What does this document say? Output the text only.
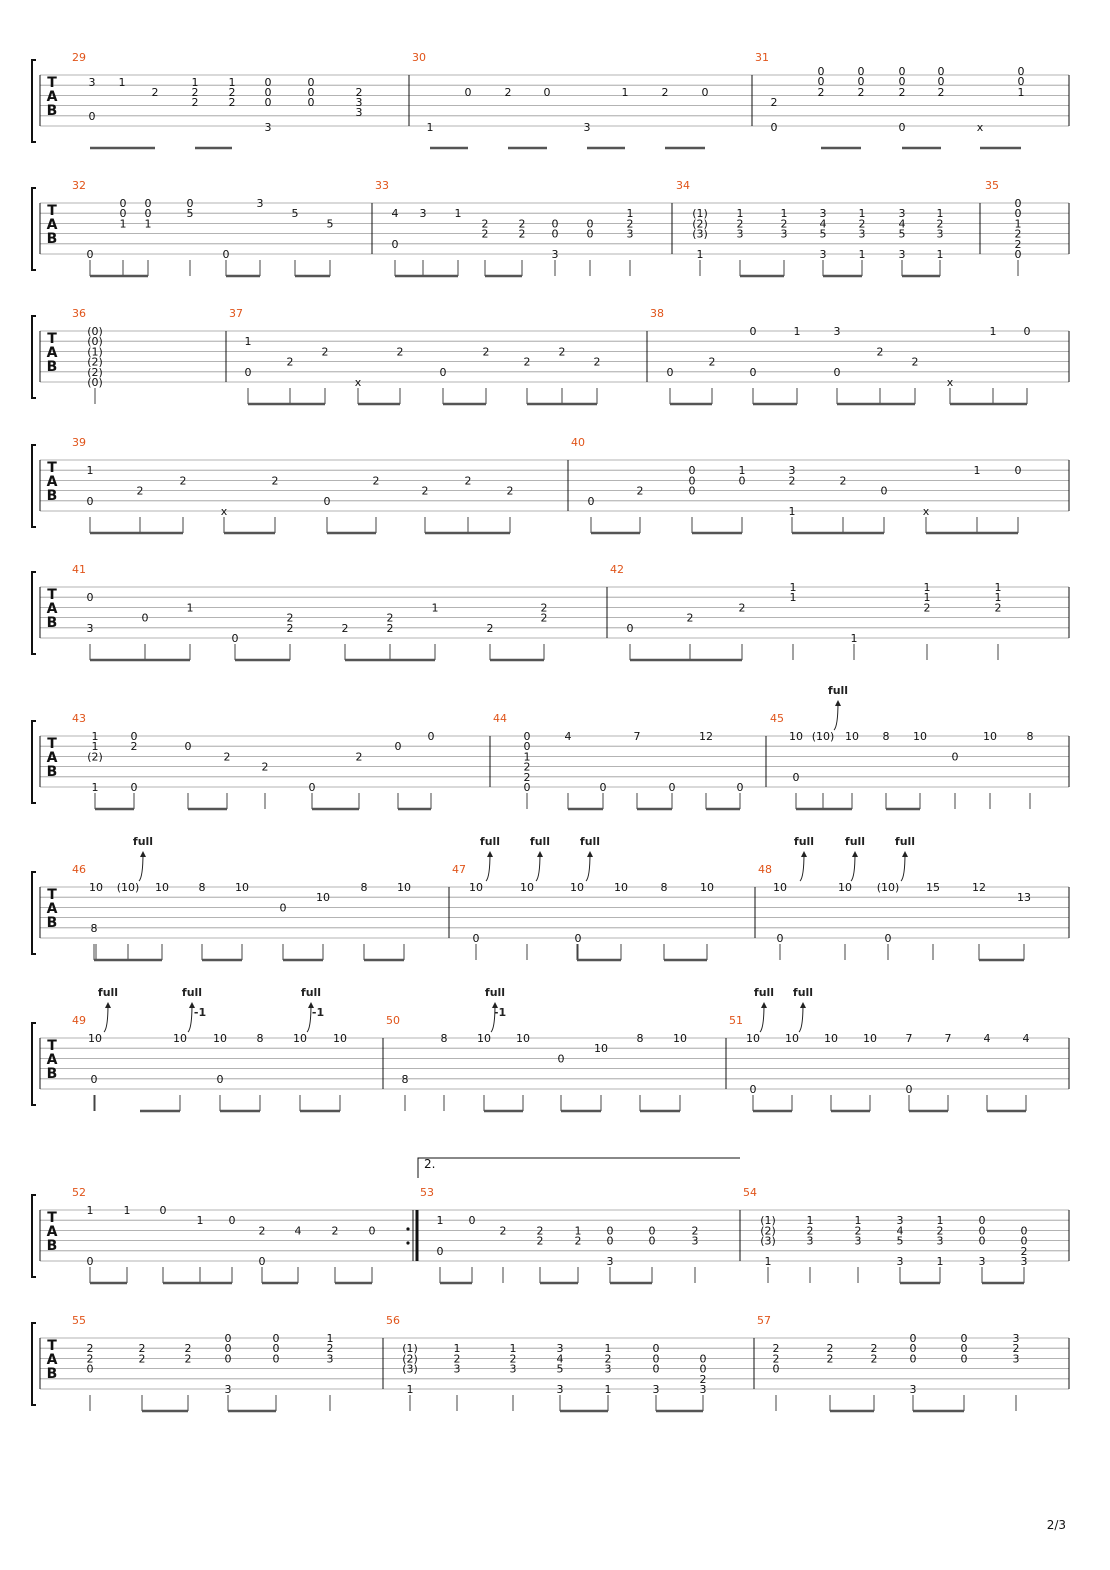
T
A
B
29	30	31
T
A
B
32	33	34	35
T
A
B
36	37	38
T
A
B
39	40
T
A
B
41	42
T
A
B
43	44	45
T
A
B
46	47	48
T
A
B
49	50	51
T
A
B
52	53	54
T
A
B
55	56	57
2.
3 1
0
2
1
2
2
1
2
2
0
0
0
3
0
0
0
2
3
3
0	2	0	1	2	0
1	3
0
0
2
0
0
2
0
0
2
0
0
2
0
0
1
2
0	0	x
0
0
0
1
0
0
1
0
5
0
3
5
5
4 3	1
0
2
2
2
2
0
0
3
0
0
1
2
3
(1)
(2)
(3)
1
1
2
3
1
2
3
3
4
5
3
1
2
3
1
3
4
5
3
1
2
3
1
0
0
1
2
2
0
(0)
(0)
(1)
(2)
(2)
(0)
1
0
2
2
x
2
0
2
2
2
2
0
2
0
0
1	3
0
2
2
x
1 0
1
0
2
2
x
2
0
2
2
2
2
0
2
0
0
0
1
0
3
2
1
2
0
x
1	0
0
3
0
1
0
2
2	2
2
2
1
2
2
2
0
2
2
1
1
1
1
1
2
1
1
2
1
1
(2)
1
0
2
0
0
2
2
0
2
0
0	0
0
1
2
2
0
4
0
7
0
12
0
10 (10) 10
0
8 10
0
10	8
10 (10) 10
8
8	10
0
10
8	10	10
0
10	10
0
10	8	10	10
0
10 (10)
0
15	12
13
10
0
10 10
0
8	10 10	8
8
10 10
0
10
8	10	10
0
10 10 10	7
0
7	4	4
1	1	0
0
1 0
2
0
4	2	0
1 0
0
2	2
2
1
2
0
0
3
0
0
2
3
(1)
(2)
(3)
1
1
2
3
1
2
3
3
4
5
3
1
2
3
1
0
0
0
3
0
0
2
3
2
2
0
2
2
2
2
0
0
0
3
0
0
0
1
2
3
(1)
(2)
(3)
1
1
2
3
1
2
3
3
4
5
3
1
2
3
1
0
0
0
3
0
0
2
3
2
2
0
2
2
2
2
0
0
0
3
0
0
0
3
2
3
full
full	full	full	full	full	full	full
full	full	full	full	full full
-1	-1	-1
2/3
